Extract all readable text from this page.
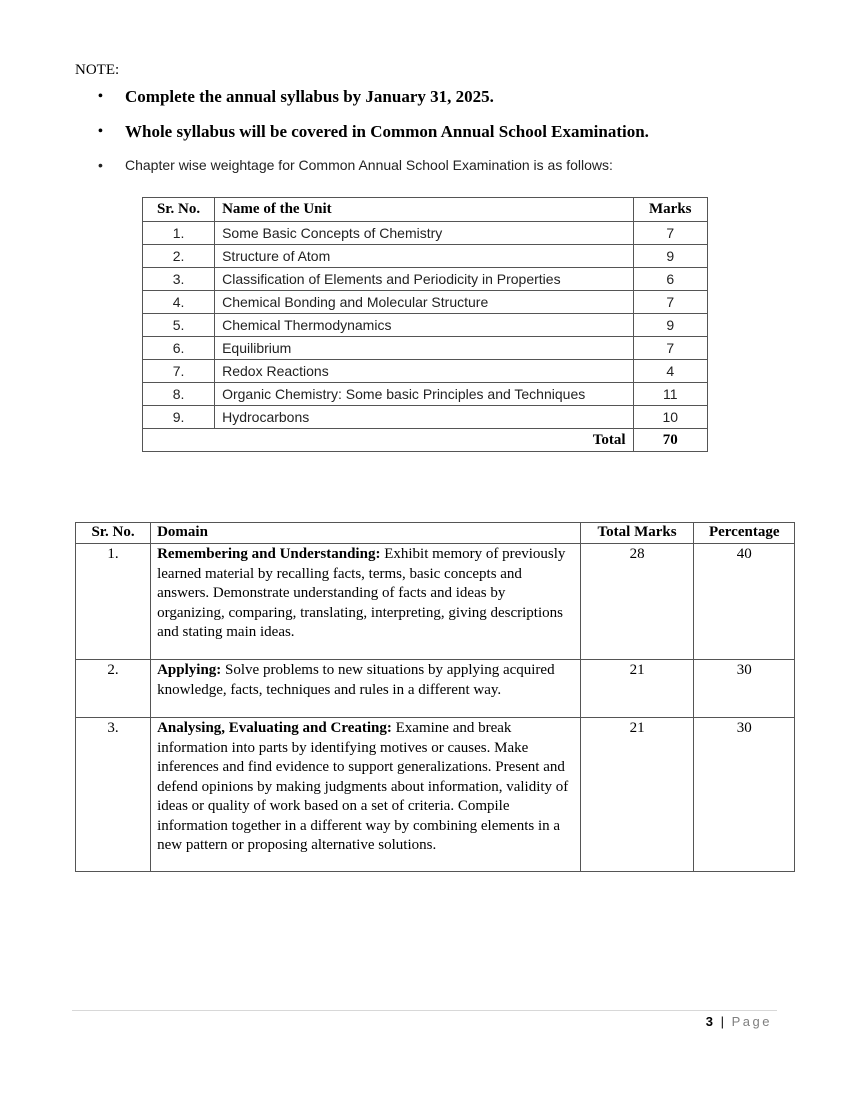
NOTE:
• Complete the annual syllabus by January 31, 2025.
• Whole syllabus will be covered in Common Annual School Examination.
• Chapter wise weightage for Common Annual School Examination is as follows:
Sr. No.	Name of the Unit	Marks
1.	Some Basic Concepts of Chemistry	7
2.	Structure of Atom	9
3.	Classification of Elements and Periodicity in Properties	6
4.	Chemical Bonding and Molecular Structure	7
5.	Chemical Thermodynamics	9
6.	Equilibrium	7
7.	Redox Reactions	4
8.	Organic Chemistry: Some basic Principles and Techniques	11
9.	Hydrocarbons	10
Total		70
Sr. No.	Domain	Total Marks	Percentage
1.	Remembering and Understanding: Exhibit memory of previously learned material by recalling facts, terms, basic concepts and answers. Demonstrate understanding of facts and ideas by organizing, comparing, translating, interpreting, giving descriptions and stating main ideas.	28	40
2.	Applying: Solve problems to new situations by applying acquired knowledge, facts, techniques and rules in a different way.	21	30
3.	Analysing, Evaluating and Creating: Examine and break information into parts by identifying motives or causes. Make inferences and find evidence to support generalizations. Present and defend opinions by making judgments about information, validity of ideas or quality of work based on a set of criteria. Compile information together in a different way by combining elements in a new pattern or proposing alternative solutions.	21	30
3 | Page
